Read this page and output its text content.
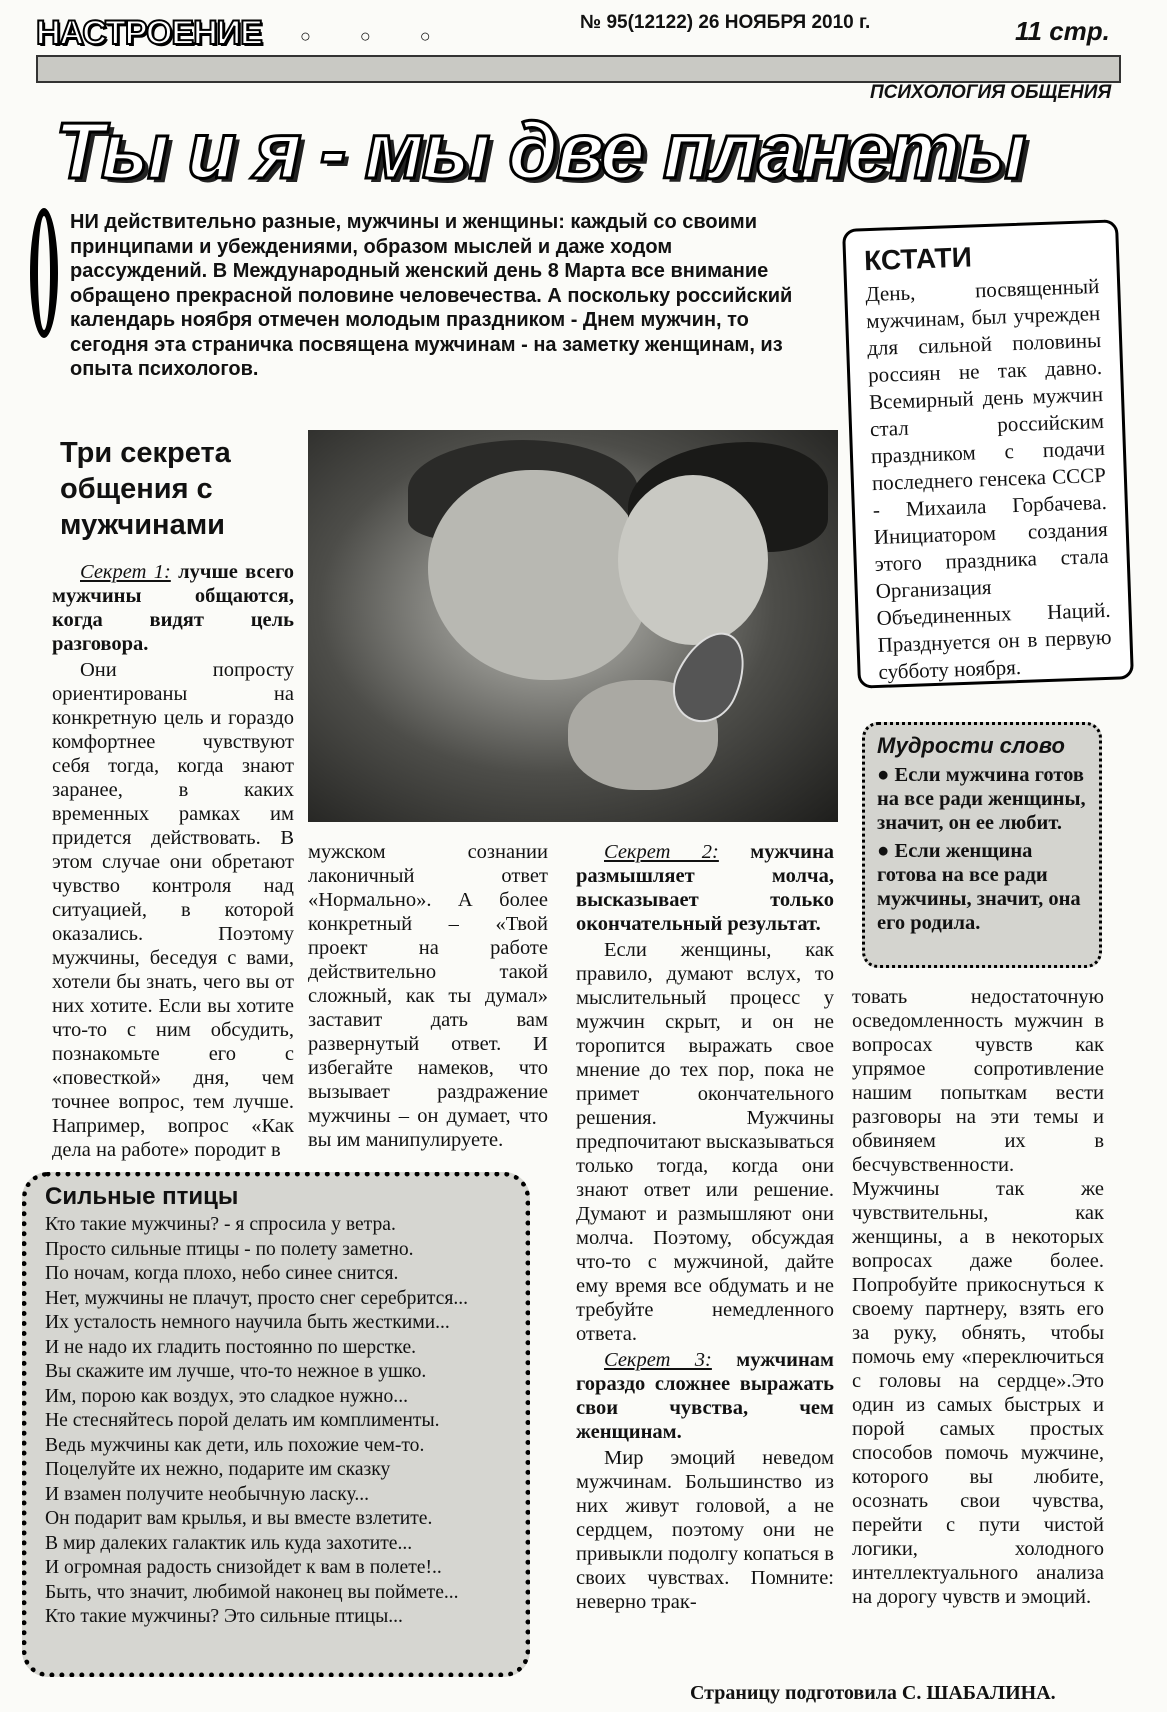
НАСТРОЕНИЕ ○ ○ ○
№ 95(12122) 26 НОЯБРЯ 2010 г.	11 стр.
ПСИХОЛОГИЯ ОБЩЕНИЯ
Ты и я - мы две планеты
НИ действительно разные, мужчины и женщины: каждый со своими принципами и убеждениями, образом мыслей и даже ходом рассуждений. В Международный женский день 8 Марта все внимание обращено прекрасной половине человечества. А поскольку российский календарь ноября отмечен молодым праздником - Днем мужчин, то сегодня эта страничка посвящена мужчинам - на заметку женщинам, из опыта психологов.
КСТАТИ
День, посвященный мужчинам, был учрежден для сильной половины россиян не так давно. Всемирный день мужчин стал российским праздником с подачи последнего генсека СССР - Михаила Горбачева. Инициатором создания этого праздника стала Организация Объединенных Наций. Празднуется он в первую субботу ноября.
Три секрета общения с мужчинами

Секрет 1: лучше всего мужчины общаются, когда видят цель разговора.

Они попросту ориентированы на конкретную цель и гораздо комфортнее чувствуют себя тогда, когда знают заранее, в каких временных рамках им придется действовать. В этом случае они обретают чувство контроля над ситуацией, в которой оказались. Поэтому мужчины, беседуя с вами, хотели бы знать, чего вы от них хотите. Если вы хотите что-то с ним обсудить, познакомьте его с «повесткой» дня, чем точнее вопрос, тем лучше. Например, вопрос «Как дела на работе» породит в

мужском сознании лаконичный ответ «Нормально». А более конкретный – «Твой проект на работе действительно такой сложный, как ты думал» заставит дать вам развернутый ответ. И избегайте намеков, что вызывает раздражение мужчины – он думает, что вы им манипулируете.

Секрет 2: мужчина размышляет молча, высказывает только окончательный результат.

Если женщины, как правило, думают вслух, то мыслительный процесс у мужчин скрыт, и он не торопится выражать свое мнение до тех пор, пока не примет окончательного решения. Мужчины предпочитают высказываться только тогда, когда они знают ответ или решение. Думают и размышляют они молча. Поэтому, обсуждая что-то с мужчиной, дайте ему время все обдумать и не требуйте немедленного ответа.

Секрет 3: мужчинам гораздо сложнее выражать свои чувства, чем женщинам.

Мир эмоций неведом мужчинам. Большинство из них живут головой, а не сердцем, поэтому они не привыкли подолгу копаться в своих чувствах. Помните: неверно трак-

Мудрости слово
● Если мужчина готов на все ради женщины, значит, он ее любит.
● Если женщина готова на все ради мужчины, значит, она его родила.

товать недостаточную осведомленность мужчин в вопросах чувств как упрямое сопротивление нашим попыткам вести разговоры на эти темы и обвиняем их в бесчувственности. Мужчины так же чувствительны, как женщины, а в некоторых вопросах даже более. Попробуйте прикоснуться к своему партнеру, взять его за руку, обнять, чтобы помочь ему «переключиться с головы на сердце».Это один из самых быстрых и порой самых простых способов помочь мужчине, которого вы любите, осознать свои чувства, перейти с пути чистой логики, холодного интеллектуального анализа на дорогу чувств и эмоций.

Сильные птицы
Кто такие мужчины? - я спросила у ветра.
Просто сильные птицы - по полету заметно.
По ночам, когда плохо, небо синее снится.
Нет, мужчины не плачут, просто снег серебрится...
Их усталость немного научила быть жесткими...
И не надо их гладить постоянно по шерстке.
Вы скажите им лучше, что-то нежное в ушко.
Им, порою как воздух, это сладкое нужно...
Не стесняйтесь порой делать им комплименты.
Ведь мужчины как дети, иль похожие чем-то.
Поцелуйте их нежно, подарите им сказку
И взамен получите необычную ласку...
Он подарит вам крылья, и вы вместе взлетите.
В мир далеких галактик иль куда захотите...
И огромная радость снизойдет к вам в полете!..
Быть, что значит, любимой наконец вы поймете...
Кто такие мужчины? Это сильные птицы...
Страницу подготовила С. ШАБАЛИНА.
